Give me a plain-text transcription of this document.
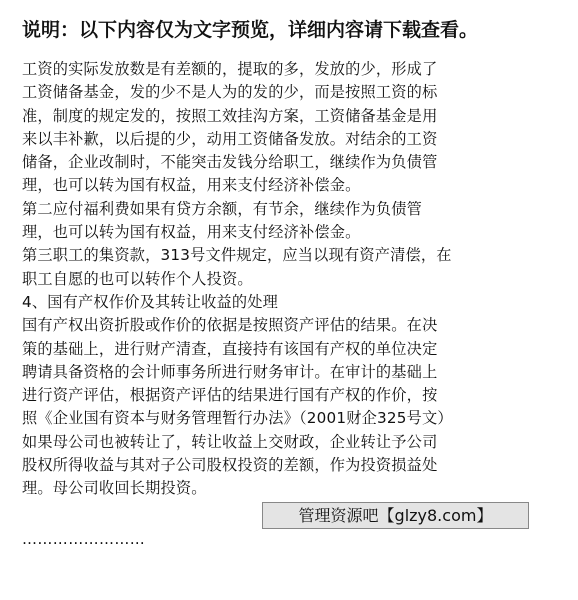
说明：以下内容仅为文字预览，详细内容请下载查看。
工资的实际发放数是有差额的，提取的多，发放的少，形成了
工资储备基金，发的少不是人为的发的少，而是按照工资的标
准，制度的规定发的，按照工效挂沟方案，工资储备基金是用
来以丰补歉，以后提的少，动用工资储备发放。对结余的工资
储备，企业改制时，不能突击发钱分给职工，继续作为负债管
理，也可以转为国有权益，用来支付经济补偿金。
第二应付福利费如果有贷方余额，有节余，继续作为负债管
理，也可以转为国有权益，用来支付经济补偿金。
第三职工的集资款，313号文件规定，应当以现有资产清偿，在
职工自愿的也可以转作个人投资。
4、国有产权作价及其转让收益的处理
国有产权出资折股或作价的依据是按照资产评估的结果。在决
策的基础上，进行财产清查，直接持有该国有产权的单位决定
聘请具备资格的会计师事务所进行财务审计。在审计的基础上
进行资产评估，根据资产评估的结果进行国有产权的作价，按
照《企业国有资本与财务管理暂行办法》（2001财企325号文）
如果母公司也被转让了，转让收益上交财政，企业转让予公司
股权所得收益与其对子公司股权投资的差额，作为投资损益处
理。母公司收回长期投资。
管理资源吧【glzy8.com】
……………………
